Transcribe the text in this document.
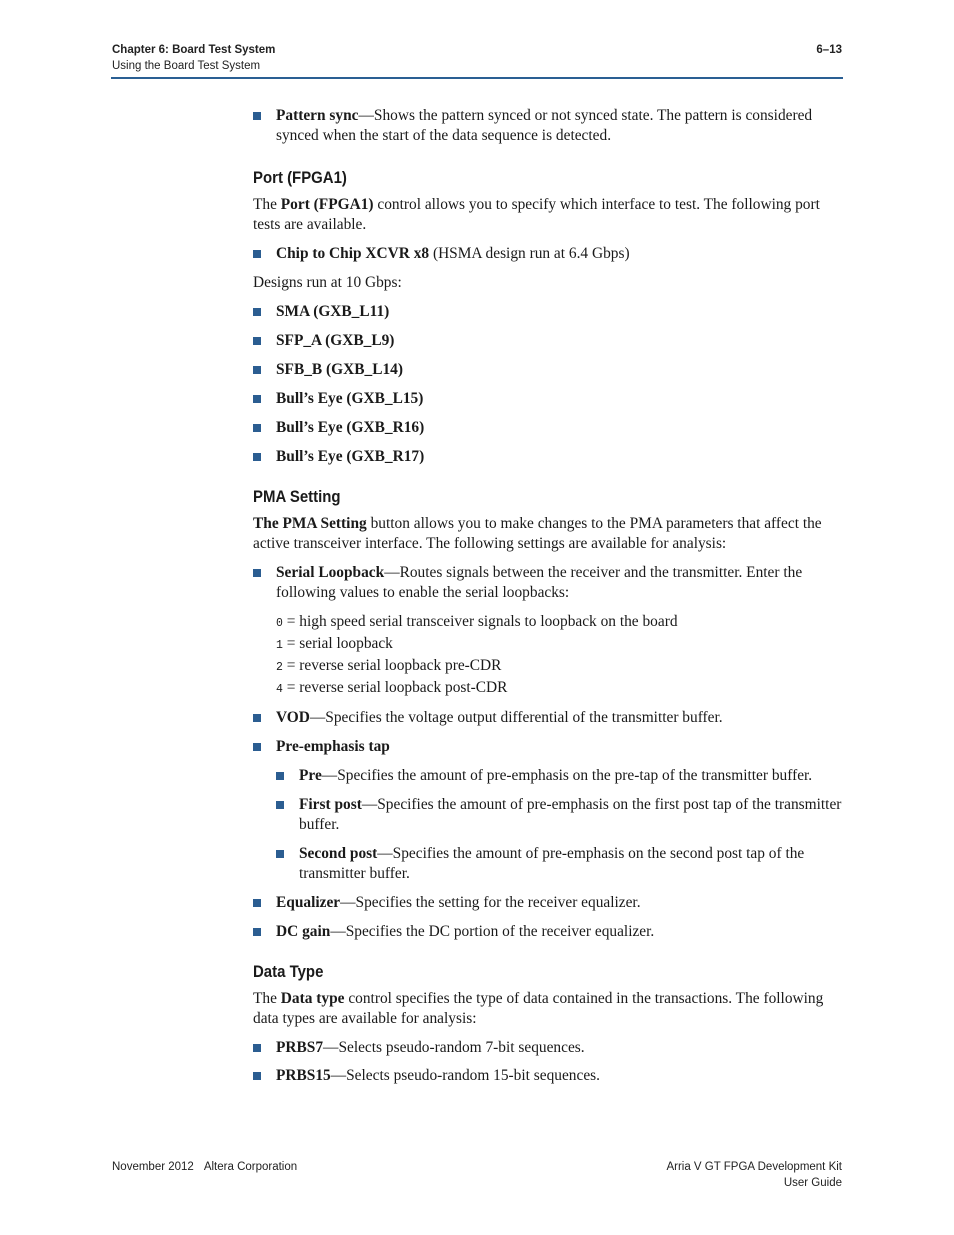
Chapter 6: Board Test System
Using the Board Test System
6–13
Pattern sync—Shows the pattern synced or not synced state. The pattern is considered synced when the start of the data sequence is detected.
Port (FPGA1)

The Port (FPGA1) control allows you to specify which interface to test. The following port tests are available.

Chip to Chip XCVR x8 (HSMA design run at 6.4 Gbps)

Designs run at 10 Gbps:

SMA (GXB_L11)
SFP_A (GXB_L9)
SFB_B (GXB_L14)
Bull’s Eye (GXB_L15)
Bull’s Eye (GXB_R16)
Bull’s Eye (GXB_R17)
PMA Setting

The PMA Setting button allows you to make changes to the PMA parameters that affect the active transceiver interface. The following settings are available for analysis:

Serial Loopback—Routes signals between the receiver and the transmitter. Enter the following values to enable the serial loopbacks:
0 = high speed serial transceiver signals to loopback on the board
1 = serial loopback
2 = reverse serial loopback pre-CDR
4 = reverse serial loopback post-CDR
VOD—Specifies the voltage output differential of the transmitter buffer.
Pre-emphasis tap
Pre—Specifies the amount of pre-emphasis on the pre-tap of the transmitter buffer.
First post—Specifies the amount of pre-emphasis on the first post tap of the transmitter buffer.
Second post—Specifies the amount of pre-emphasis on the second post tap of the transmitter buffer.
Equalizer—Specifies the setting for the receiver equalizer.
DC gain—Specifies the DC portion of the receiver equalizer.
Data Type

The Data type control specifies the type of data contained in the transactions. The following data types are available for analysis:

PRBS7—Selects pseudo-random 7-bit sequences.
PRBS15—Selects pseudo-random 15-bit sequences.
November 2012 Altera Corporation	Arria V GT FPGA Development Kit
User Guide
